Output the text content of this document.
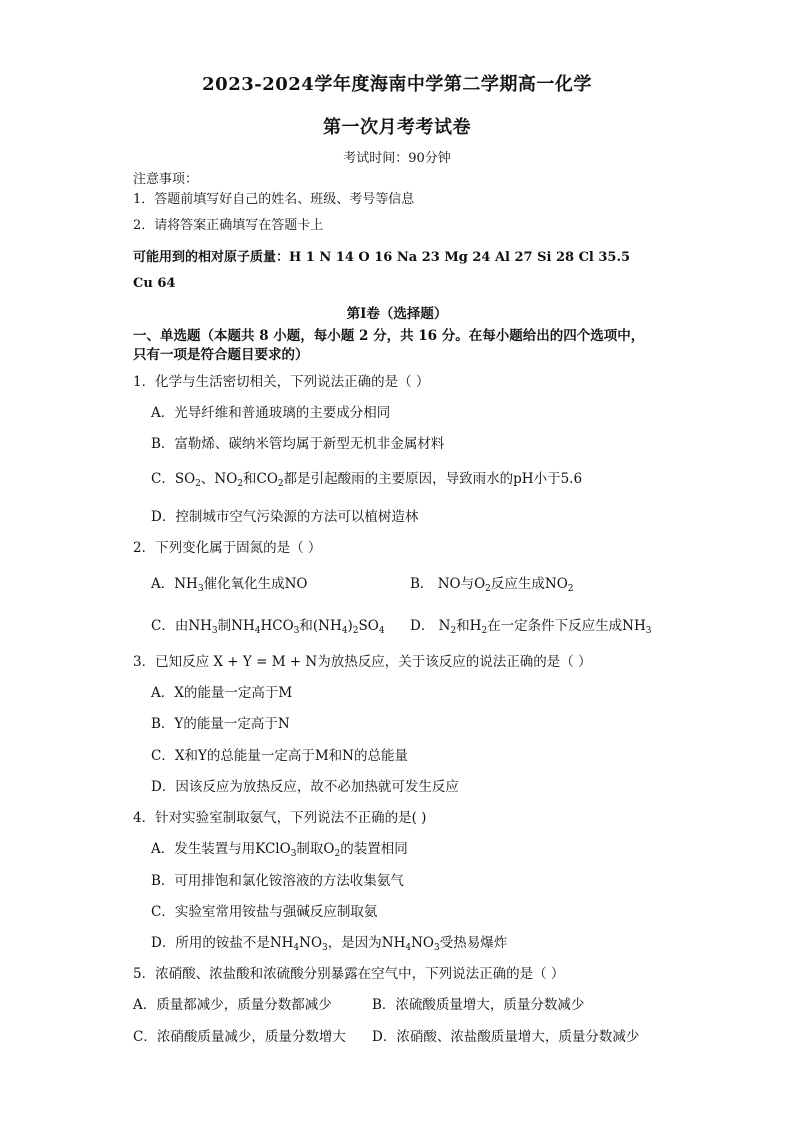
2023-2024学年度海南中学第二学期高一化学
第一次月考考试卷
考试时间：90分钟
注意事项：
1．答题前填写好自己的姓名、班级、考号等信息
2．请将答案正确填写在答题卡上
可能用到的相对原子质量：H 1 N 14 O 16 Na 23 Mg 24 Al 27 Si 28 Cl 35.5
Cu 64
第I卷（选择题）
一、单选题（本题共 8 小题，每小题 2 分，共 16 分。在每小题给出的四个选项中，
只有一项是符合题目要求的）
1．化学与生活密切相关，下列说法正确的是（ ）
A．光导纤维和普通玻璃的主要成分相同
B．富勒烯、碳纳米管均属于新型无机非金属材料
C．$SO_2$、$NO_2$和$CO_2$都是引起酸雨的主要原因，导致雨水的pH小于5.6
D．控制城市空气污染源的方法可以植树造林
2．下列变化属于固氮的是（ ）
A．$NH_3$催化氧化生成NO	B． NO与$O_2$反应生成$NO_2$
C．由$NH_3$制$NH_4HCO_3$和$(NH_4)_2SO_4$ D． $N_2$和$H_2$在一定条件下反应生成$NH_3$
3．已知反应 X + Y = M + N为放热反应，关于该反应的说法正确的是（ ）
A．X的能量一定高于M
B．Y的能量一定高于N
C．X和Y的总能量一定高于M和N的总能量
D．因该反应为放热反应，故不必加热就可发生反应
4．针对实验室制取氨气，下列说法不正确的是( )
A．发生装置与用KClO$_3$制取$O_2$的装置相同
B．可用排饱和氯化铵溶液的方法收集氨气
C．实验室常用铵盐与强碱反应制取氨
D．所用的铵盐不是$NH_4NO_3$，是因为$NH_4NO_3$受热易爆炸
5．浓硝酸、浓盐酸和浓硫酸分别暴露在空气中，下列说法正确的是（ ）
A．质量都减少，质量分数都减少	B．浓硫酸质量增大，质量分数减少
C．浓硝酸质量减少，质量分数增大 D．浓硝酸、浓盐酸质量增大，质量分数减少
